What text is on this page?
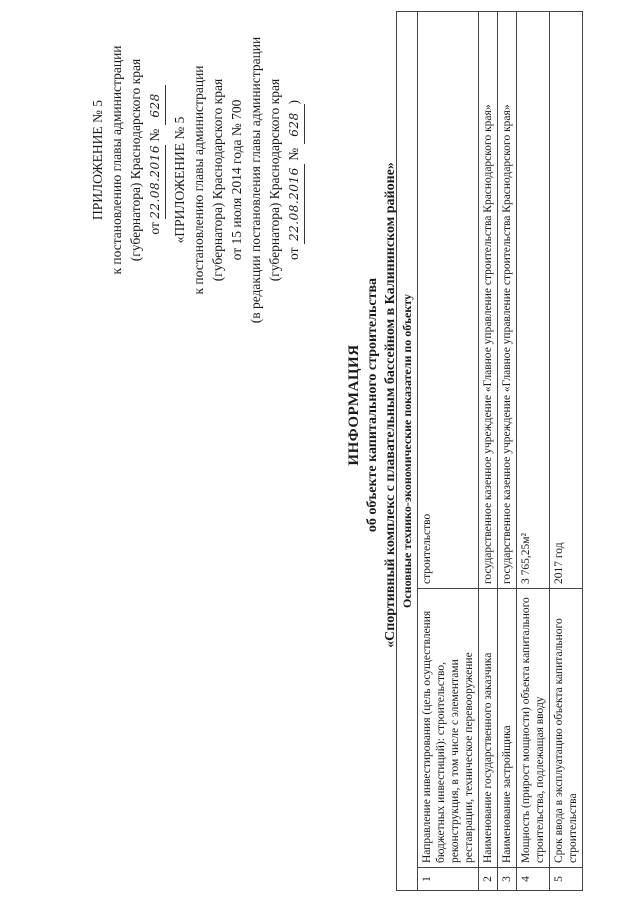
ПРИЛОЖЕНИЕ № 5 к постановлению главы администрации (губернатора) Краснодарского края от 22.08.2016 № 628
«ПРИЛОЖЕНИЕ № 5 к постановлению главы администрации (губернатора) Краснодарского края от 15 июля 2014 года № 700 (в редакции постановления главы администрации (губернатора) Краснодарского края от 22.08.2016 № 628)
ИНФОРМАЦИЯ об объекте капитального строительства «Спортивный комплекс с плавательным бассейном в Калининском районе» Основные технико-экономические показатели по объекту		
1	Направление инвестирования (цель осуществления бюджетных инвестиций): строительство, реконструкция, в том числе с элементами реставрации, техническое перевооружение	строительство
2	Наименование государственного заказчика	государственное казенное учреждение «Главное управление строительства Краснодарского края»
3	Наименование застройщика	государственное казенное учреждение «Главное управление строительства Краснодарского края»
4	Мощность (прирост мощности) объекта капитального строительства, подлежащая вводу	3 765,25м²
5	Срок ввода в эксплуатацию объекта капитального строительства	2017 год
